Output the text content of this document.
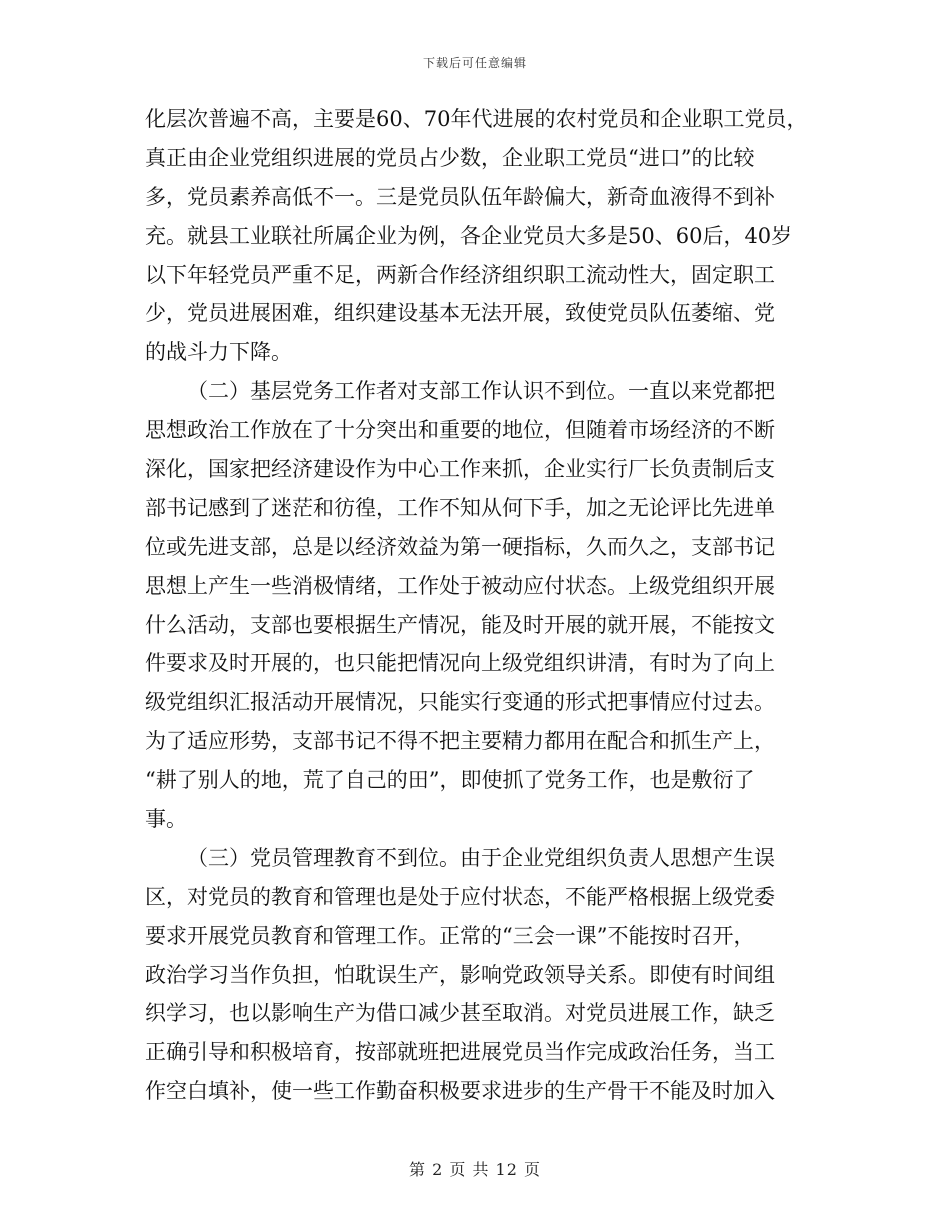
下载后可任意编辑
化层次普遍不高，主要是60、70年代进展的农村党员和企业职工党员，
真正由企业党组织进展的党员占少数，企业职工党员“进口”的比较
多，党员素养高低不一。三是党员队伍年龄偏大，新奇血液得不到补
充。就县工业联社所属企业为例，各企业党员大多是50、60后，40岁
以下年轻党员严重不足，两新合作经济组织职工流动性大，固定职工
少，党员进展困难，组织建设基本无法开展，致使党员队伍萎缩、党
的战斗力下降。
（二）基层党务工作者对支部工作认识不到位。一直以来党都把
思想政治工作放在了十分突出和重要的地位，但随着市场经济的不断
深化，国家把经济建设作为中心工作来抓，企业实行厂长负责制后支
部书记感到了迷茫和彷徨，工作不知从何下手，加之无论评比先进单
位或先进支部，总是以经济效益为第一硬指标，久而久之，支部书记
思想上产生一些消极情绪，工作处于被动应付状态。上级党组织开展
什么活动，支部也要根据生产情况，能及时开展的就开展，不能按文
件要求及时开展的，也只能把情况向上级党组织讲清，有时为了向上
级党组织汇报活动开展情况，只能实行变通的形式把事情应付过去。
为了适应形势，支部书记不得不把主要精力都用在配合和抓生产上，
“耕了别人的地，荒了自己的田”，即使抓了党务工作，也是敷衍了
事。
（三）党员管理教育不到位。由于企业党组织负责人思想产生误
区，对党员的教育和管理也是处于应付状态，不能严格根据上级党委
要求开展党员教育和管理工作。正常的“三会一课”不能按时召开，
政治学习当作负担，怕耽误生产，影响党政领导关系。即使有时间组
织学习，也以影响生产为借口减少甚至取消。对党员进展工作，缺乏
正确引导和积极培育，按部就班把进展党员当作完成政治任务，当工
作空白填补，使一些工作勤奋积极要求进步的生产骨干不能及时加入
第 2 页 共 12 页
